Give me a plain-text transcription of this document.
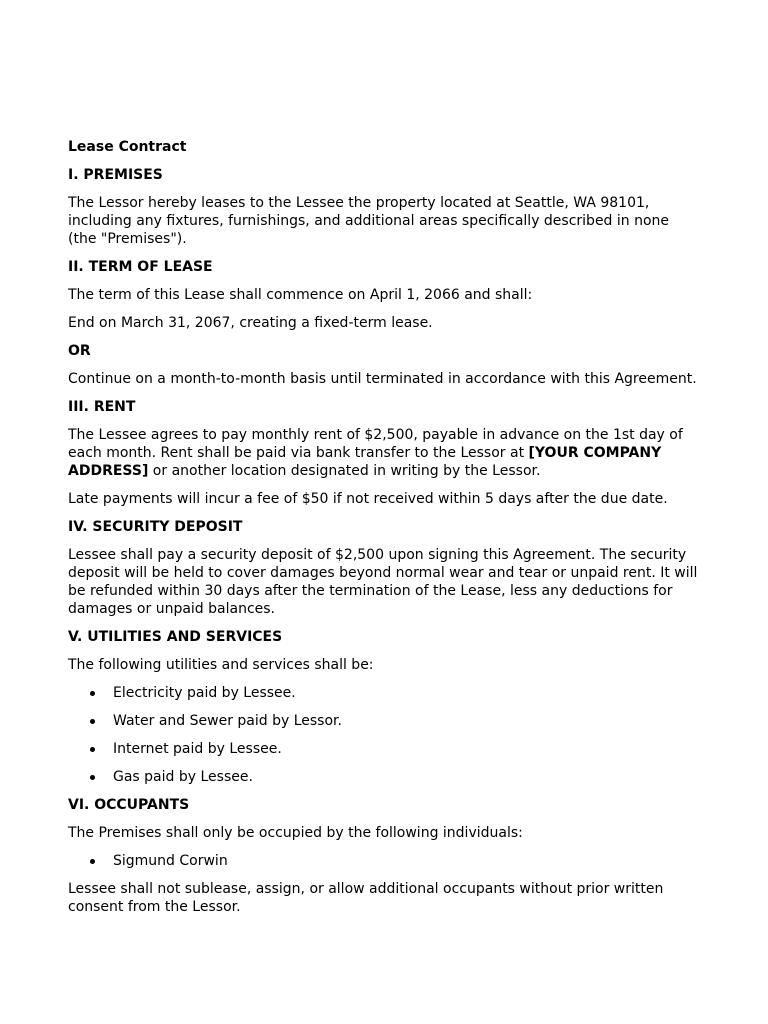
Lease Contract

I. PREMISES

The Lessor hereby leases to the Lessee the property located at Seattle, WA 98101, including any fixtures, furnishings, and additional areas specifically described in none (the "Premises").

II. TERM OF LEASE

The term of this Lease shall commence on April 1, 2066 and shall:

End on March 31, 2067, creating a fixed-term lease.

OR

Continue on a month-to-month basis until terminated in accordance with this Agreement.

III. RENT

The Lessee agrees to pay monthly rent of $2,500, payable in advance on the 1st day of each month. Rent shall be paid via bank transfer to the Lessor at [YOUR COMPANY ADDRESS] or another location designated in writing by the Lessor.

Late payments will incur a fee of $50 if not received within 5 days after the due date.

IV. SECURITY DEPOSIT

Lessee shall pay a security deposit of $2,500 upon signing this Agreement. The security deposit will be held to cover damages beyond normal wear and tear or unpaid rent. It will be refunded within 30 days after the termination of the Lease, less any deductions for damages or unpaid balances.

V. UTILITIES AND SERVICES

The following utilities and services shall be:

Electricity paid by Lessee.
Water and Sewer paid by Lessor.
Internet paid by Lessee.
Gas paid by Lessee.

VI. OCCUPANTS

The Premises shall only be occupied by the following individuals:

Sigmund Corwin

Lessee shall not sublease, assign, or allow additional occupants without prior written consent from the Lessor.
